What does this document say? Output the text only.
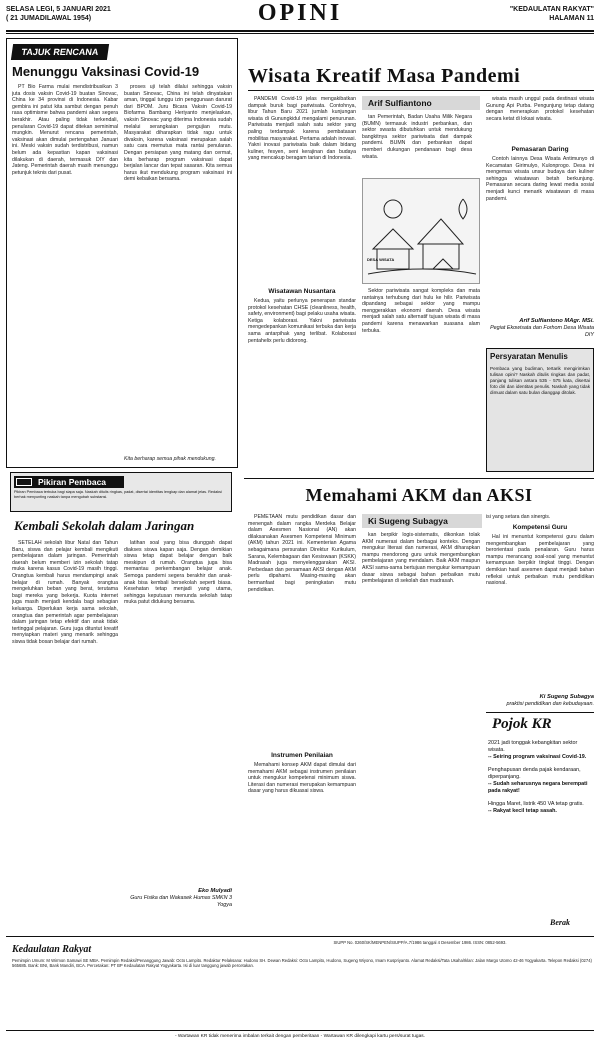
SELASA LEGI, 5 JANUARI 2021
( 21 JUMADILAWAL 1954)	OPINI	"KEDAULATAN RAKYAT"
HALAMAN 11
TAJUK RENCANA
Menunggu Vaksinasi Covid-19

PT Bio Farma mulai mendistribusikan 3 juta dosis vaksin Covid-19 buatan Sinovac, China ke 34 provinsi di Indonesia. Kabar gembira ini patut kita sambut dengan penuh rasa optimisme bahwa pandemi akan segera berakhir. Atau paling tidak terkendali, penularan Covid-19 dapat ditekan seminimal mungkin. Menurut rencana pemerintah, vaksinasi akan dimulai pertengahan Januari ini. Meski vaksin sudah terdistribusi, namun belum ada kepastian kapan vaksinasi dilakukan di daerah, termasuk DIY dan Jateng. Pemerintah daerah masih menunggu petunjuk teknis dari pusat.

proses uji telah dilalui sehingga vaksin buatan Sinovac, China ini telah dinyatakan aman, tinggal tunggu izin penggunaan darurat dari BPOM. Juru Bicara Vaksin Covid-19 Biofarma Bambang Heriyanto menjelaskan, vaksin Sinovac yang diterima Indonesia sudah melalui serangkaian pengujian mutu. Masyarakat diharapkan tidak ragu untuk divaksin, karena vaksinasi merupakan salah satu cara memutus mata rantai penularan. Dengan persiapan yang matang dan cermat, kita berharap program vaksinasi dapat berjalan lancar dan tepat sasaran. Kita semua harus ikut mendukung program vaksinasi ini demi kebaikan bersama.

Kita berharap semua pihak mendukung.
Pikiran Pembaca
Pikiran Pembaca terbuka bagi siapa saja. Naskah ditulis ringkas, padat, disertai identitas lengkap dan alamat jelas. Redaksi berhak menyunting naskah tanpa mengubah substansi.
Kembali Sekolah dalam Jaringan

SETELAH sekolah libur Natal dan Tahun Baru, siswa dan pelajar kembali mengikuti pembelajaran dalam jaringan. Pemerintah daerah belum memberi izin sekolah tatap muka karena kasus Covid-19 masih tinggi. Orangtua kembali harus mendampingi anak belajar di rumah. Banyak orangtua mengeluhkan beban yang berat, terutama bagi mereka yang bekerja. Kuota internet juga masih menjadi kendala bagi sebagian keluarga. Diperlukan kerja sama sekolah, orangtua dan pemerintah agar pembelajaran dalam jaringan tetap efektif dan anak tidak tertinggal pelajaran. Guru juga dituntut kreatif menyiapkan materi yang menarik sehingga siswa tidak bosan belajar dari rumah.

latihan soal yang bisa diunggah dapat diakses siswa kapan saja. Dengan demikian siswa tetap dapat belajar dengan baik meskipun di rumah. Orangtua juga bisa memantau perkembangan belajar anak. Semoga pandemi segera berakhir dan anak-anak bisa kembali bersekolah seperti biasa. Kesehatan tetap menjadi yang utama, sehingga keputusan menunda sekolah tatap muka patut didukung bersama.

Eko Mulyadi
Guru Fisika dan Wakasek Humas SMKN 3 Yogya
Wisata Kreatif Masa Pandemi

PANDEMI Covid-19 jelas mengakibatkan dampak buruk bagi pariwisata. Contohnya, libur Tahun Baru 2021 jumlah kunjungan wisata di Gunungkidul mengalami penurunan. Pariwisata menjadi salah satu sektor yang paling terdampak karena pembatasan mobilitas masyarakat. Pertama adalah inovasi. Yakni inovasi pariwisata baik dalam bidang kuliner, fesyen, seni kerajinan dan budaya yang mencakup beragam tarian di Indonesia.

Wisatawan Nusantara

Kedua, yaitu perlunya penerapan standar protokol kesehatan CHSE (cleanliness, health, safety, environment) bagi pelaku usaha wisata. Ketiga kolaborasi. Yakni pariwisata mengedepankan komunikasi terbuka dan kerja sama antarpihak yang terlibat. Kolaborasi pentahelix perlu didorong.

Arif Sulfiantono

tan Pemerintah, Badan Usaha Milik Negara (BUMN) termasuk industri perbankan, dan sektor swasta dibutuhkan untuk mendukung bangkitnya sektor pariwisata dari dampak pandemi. BUMN dan perbankan dapat memberi dukungan pendanaan bagi desa wisata.

DESA WISATA

Sektor pariwisata sangat kompleks dan mata rantainya terhubung dari hulu ke hilir. Pariwisata dipandang sebagai sektor yang mampu menggerakkan ekonomi daerah. Desa wisata menjadi salah satu alternatif tujuan wisata di masa pandemi karena menawarkan suasana alam terbuka.

wisata masih unggul pada destinasi wisata Gunung Api Purba. Pengunjung tetap datang dengan menerapkan protokol kesehatan secara ketat di lokasi wisata.

Pemasaran Daring

Contoh lainnya Desa Wisata Antimunyo di Kecamatan Girimulyo, Kulonprogo. Desa ini mengemas wisata unsur budaya dan kuliner sehingga wisatawan betah berkunjung. Pemasaran secara daring lewat media sosial menjadi kunci menarik wisatawan di masa pandemi.

Arif Sulfiantono MAgr. MSi.
Pegiat Ekowisata dan Forhom Desa Wisata DIY
Persyaratan Menulis
Pembaca yang budiman, tertarik mengirimkan tulisan opini? Naskah ditulis ringkas dan padat, panjang tulisan antara 535 - 575 kata, disertai foto diri dan identitas penulis. Naskah yang tidak dimuat dalam satu bulan dianggap ditolak.
Memahami AKM dan AKSI

PEMETAAN mutu pendidikan dasar dan menengah dalam rangka Merdeka Belajar dalam Asesmen Nasional (AN) akan dilaksanakan Asesmen Kompetensi Minimum (AKM) tahun 2021 ini. Kementerian Agama sebagaimana persuratan Direktur Kurikulum, Sarana, Kelembagaan dan Kesiswaan (KSKK) Madrasah juga menyelenggarakan AKSI. Perbedaan dan persamaan AKSI dengan AKM perlu dipahami. Masing-masing akan bermanfaat bagi peningkatan mutu pendidikan.

Instrumen Penilaian

Memahami konsep AKM dapat dimulai dari memahami AKM sebagai instrumen penilaian untuk mengukur kompetensi minimum siswa. Literasi dan numerasi merupakan kemampuan dasar yang harus dikuasai siswa.

Ki Sugeng Subagya

kan berpikir logis-sistematis, dikonkan tolak AKM numerasi dalam berbagai konteks. Dengan mengukur literasi dan numerasi, AKM diharapkan mampu mendorong guru untuk mengembangkan pembelajaran yang mendalam. Baik AKM maupun AKSI sama-sama bertujuan mengukur kemampuan dasar siswa sebagai bahan perbaikan mutu pembelajaran di sekolah dan madrasah.

isi yang setara dan sinergis.
Kompetensi Guru

Hal ini menuntut kompetensi guru dalam mengembangkan pembelajaran yang berorientasi pada penalaran. Guru harus mampu merancang soal-soal yang menuntut kemampuan berpikir tingkat tinggi. Dengan demikian hasil asesmen dapat menjadi bahan refleksi untuk perbaikan mutu pendidikan nasional.

Ki Sugeng Subagya
praktisi pendidikan dan kebudayaan.
Pojok KR
2021 jadi tonggak kebangkitan sektor wisata.
-- Seiring program vaksinasi Covid-19.
Penghapusan denda pajak kendaraan, diperpanjang.
-- Sudah seharusnya negara berempati pada rakyat!
Hingga Maret, listrik 450 VA tetap gratis.
-- Rakyat kecil tetap sasah.
Berak
Kedaulatan Rakyat
SIUPP No. 0260/SK/MENPEN/SIUPP/A.7/1986 tanggal 4 Desember 1986. ISSN: 0852-5693.
Pemimpin Umum: M Wirmon Samawi SE MBA. Pemimpin Redaksi/Penanggung Jawab: Octo Lampito. Redaktur Pelaksana: Hudono SH. Dewan Redaksi: Octo Lampito, Hudono, Sugeng Wiyono, Imam Kuspriyanto. Alamat Redaksi/Tata Usaha/Iklan: Jalan Margo Utomo 42-46 Yogyakarta. Telepon Redaksi (0274) 565685. Bank: BNI, Bank Mandiri, BCA. Percetakan: PT BP Kedaulatan Rakyat Yogyakarta. Isi di luar tanggung jawab percetakan.
- Wartawan KR tidak menerima imbalan terkait dengan pemberitaan - Wartawan KR dilengkapi kartu pers/surat tugas.
